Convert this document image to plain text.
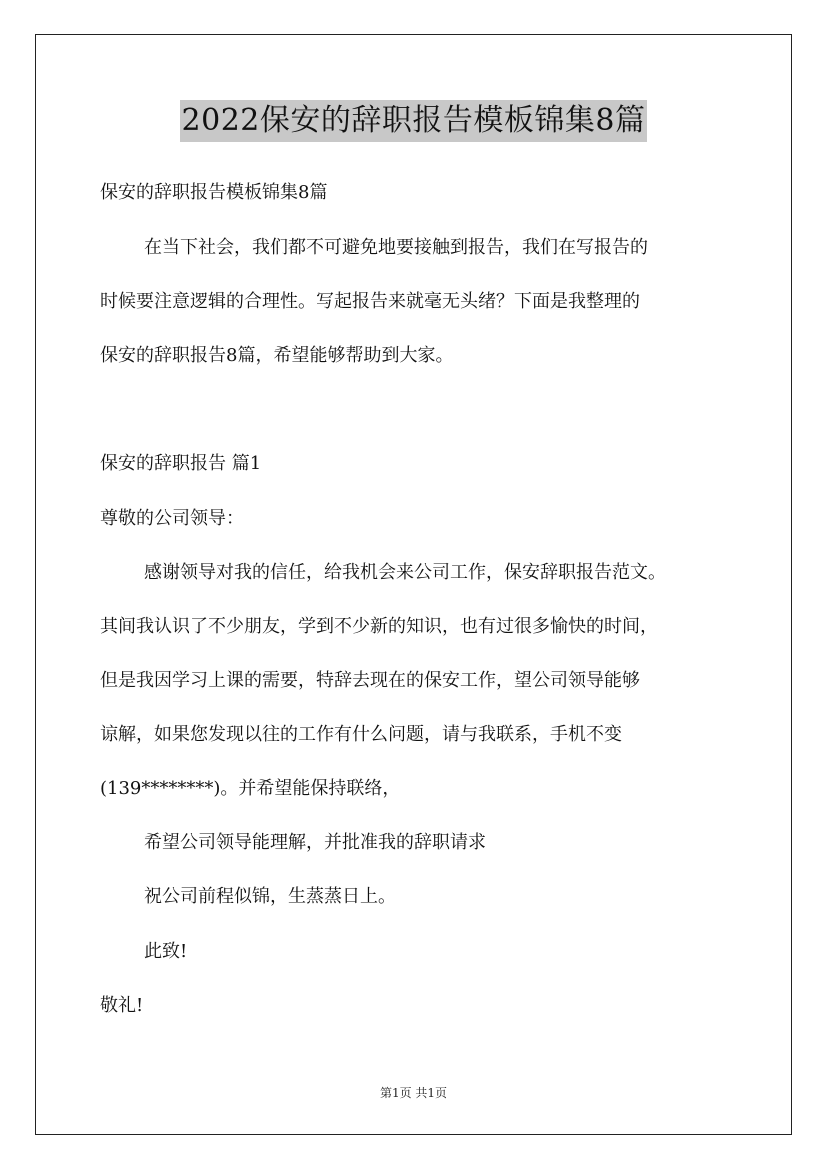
2022保安的辞职报告模板锦集8篇
保安的辞职报告模板锦集8篇
在当下社会，我们都不可避免地要接触到报告，我们在写报告的
时候要注意逻辑的合理性。写起报告来就毫无头绪？下面是我整理的
保安的辞职报告8篇，希望能够帮助到大家。
保安的辞职报告 篇1
尊敬的公司领导：
感谢领导对我的信任，给我机会来公司工作，保安辞职报告范文。
其间我认识了不少朋友，学到不少新的知识，也有过很多愉快的时间，
但是我因学习上课的需要，特辞去现在的保安工作，望公司领导能够
谅解，如果您发现以往的工作有什么问题，请与我联系，手机不变
(139********)。并希望能保持联络，
希望公司领导能理解，并批准我的辞职请求
祝公司前程似锦，生蒸蒸日上。
此致!
敬礼!
第1页 共1页
